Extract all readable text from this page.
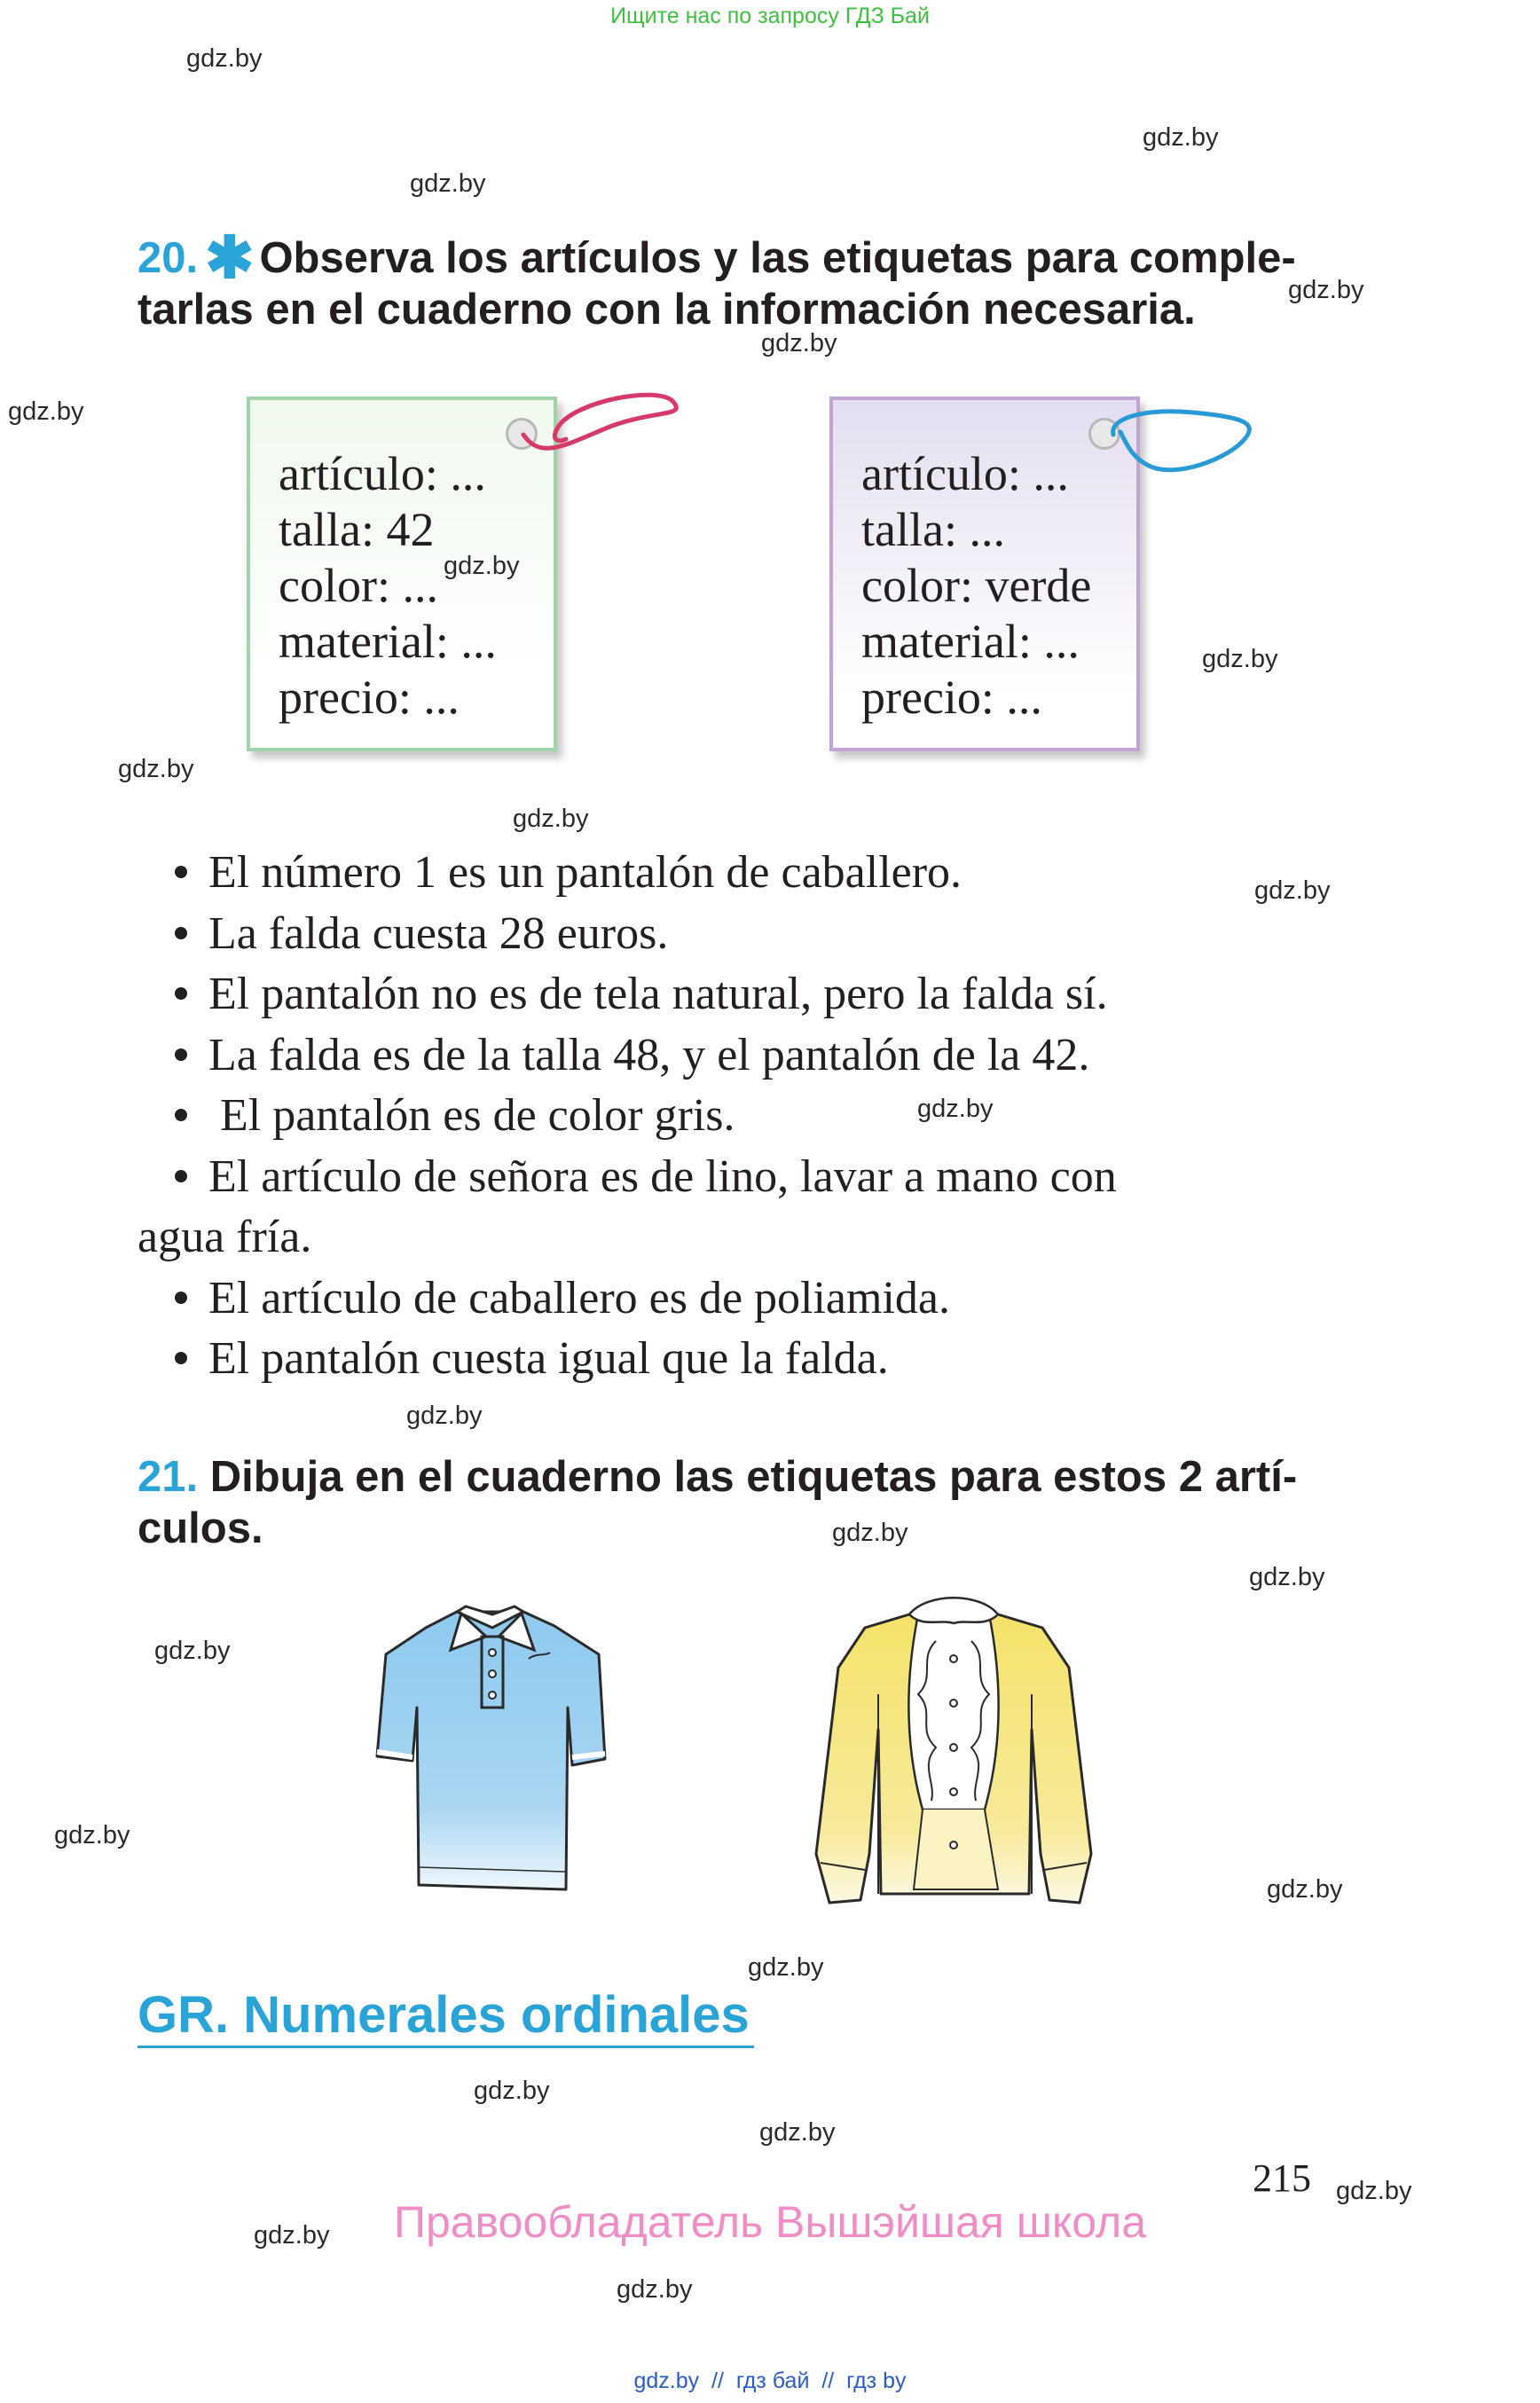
Ищите нас по запросу ГДЗ Бай
gdz.by
gdz.by
gdz.by
gdz.by
gdz.by
gdz.by
gdz.by
gdz.by
gdz.by
gdz.by
gdz.by
gdz.by
gdz.by
gdz.by
gdz.by
gdz.by
gdz.by
gdz.by
gdz.by
gdz.by
gdz.by
gdz.by
gdz.by
gdz.by
20. ✱ Observa los artículos y las etiquetas para comple-
tarlas en el cuaderno con la información necesaria.
artículo: ...
talla: 42
color: ...
material: ...
precio: ...
artículo: ...
talla: ...
color: verde
material: ...
precio: ...
El número 1 es un pantalón de caballero.
La falda cuesta 28 euros.
El pantalón no es de tela natural, pero la falda sí.
La falda es de la talla 48, y el pantalón de la 42.
El pantalón es de color gris.
El artículo de señora es de lino, lavar a mano con
agua fría.
El artículo de caballero es de poliamida.
El pantalón cuesta igual que la falda.
21. Dibuja en el cuaderno las etiquetas para estos 2 artí-
culos.
GR. Numerales ordinales
215
Правообладатель Вышэйшая школа
gdz.by  //  гдз бай  //  гдз by
